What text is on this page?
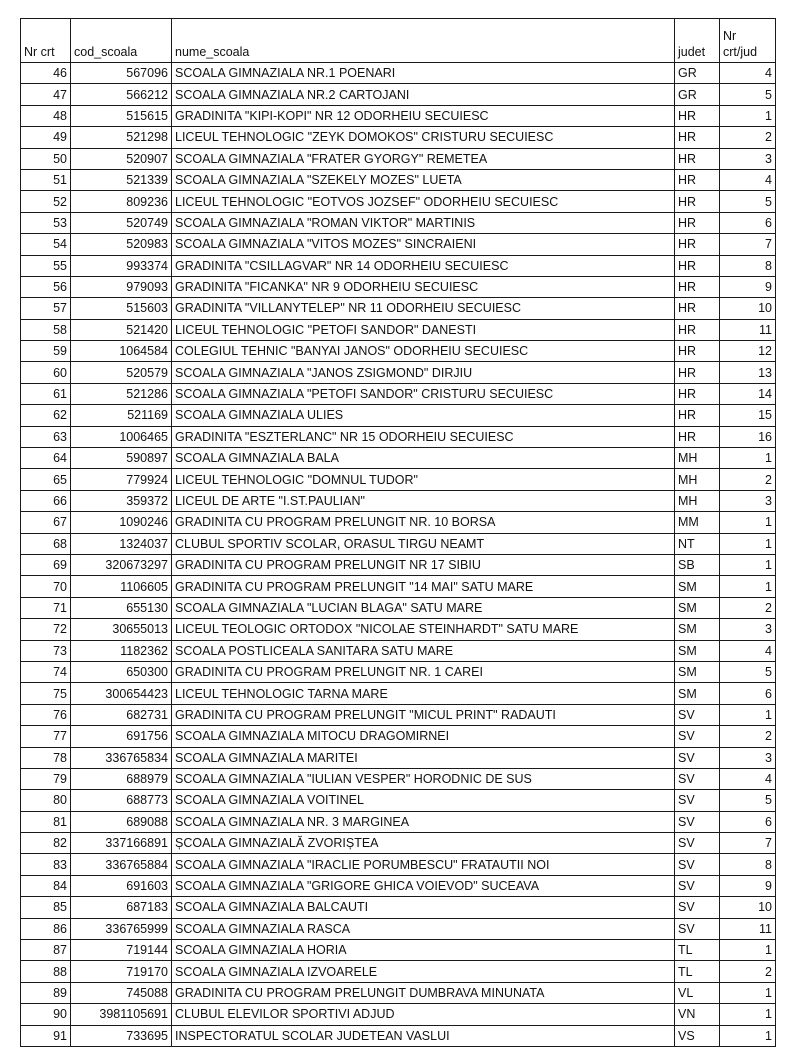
Nr crt	cod_scoala	nume_scoala	judet	Nr crt/jud
46	567096	SCOALA GIMNAZIALA NR.1 POENARI	GR	4
47	566212	SCOALA GIMNAZIALA NR.2 CARTOJANI	GR	5
48	515615	GRADINITA "KIPI-KOPI" NR 12 ODORHEIU SECUIESC	HR	1
49	521298	LICEUL TEHNOLOGIC "ZEYK DOMOKOS" CRISTURU SECUIESC	HR	2
50	520907	SCOALA GIMNAZIALA "FRATER GYORGY" REMETEA	HR	3
51	521339	SCOALA GIMNAZIALA "SZEKELY MOZES" LUETA	HR	4
52	809236	LICEUL TEHNOLOGIC "EOTVOS JOZSEF" ODORHEIU SECUIESC	HR	5
53	520749	SCOALA GIMNAZIALA "ROMAN VIKTOR" MARTINIS	HR	6
54	520983	SCOALA GIMNAZIALA "VITOS MOZES" SINCRAIENI	HR	7
55	993374	GRADINITA "CSILLAGVAR" NR 14 ODORHEIU SECUIESC	HR	8
56	979093	GRADINITA "FICANKA" NR 9 ODORHEIU SECUIESC	HR	9
57	515603	GRADINITA "VILLANYTELEP" NR 11 ODORHEIU SECUIESC	HR	10
58	521420	LICEUL TEHNOLOGIC "PETOFI SANDOR" DANESTI	HR	11
59	1064584	COLEGIUL TEHNIC "BANYAI JANOS" ODORHEIU SECUIESC	HR	12
60	520579	SCOALA GIMNAZIALA "JANOS ZSIGMOND" DIRJIU	HR	13
61	521286	SCOALA GIMNAZIALA "PETOFI SANDOR" CRISTURU SECUIESC	HR	14
62	521169	SCOALA GIMNAZIALA ULIES	HR	15
63	1006465	GRADINITA "ESZTERLANC" NR 15 ODORHEIU SECUIESC	HR	16
64	590897	SCOALA GIMNAZIALA BALA	MH	1
65	779924	LICEUL TEHNOLOGIC "DOMNUL TUDOR"	MH	2
66	359372	LICEUL DE ARTE "I.ST.PAULIAN"	MH	3
67	1090246	GRADINITA CU PROGRAM PRELUNGIT NR. 10 BORSA	MM	1
68	1324037	CLUBUL SPORTIV SCOLAR, ORASUL TIRGU NEAMT	NT	1
69	320673297	GRADINITA CU PROGRAM PRELUNGIT NR 17 SIBIU	SB	1
70	1106605	GRADINITA CU PROGRAM PRELUNGIT "14 MAI" SATU MARE	SM	1
71	655130	SCOALA GIMNAZIALA "LUCIAN BLAGA" SATU MARE	SM	2
72	30655013	LICEUL TEOLOGIC ORTODOX "NICOLAE STEINHARDT" SATU MARE	SM	3
73	1182362	SCOALA POSTLICEALA SANITARA SATU MARE	SM	4
74	650300	GRADINITA CU PROGRAM PRELUNGIT NR. 1 CAREI	SM	5
75	300654423	LICEUL TEHNOLOGIC TARNA MARE	SM	6
76	682731	GRADINITA CU PROGRAM PRELUNGIT "MICUL PRINT" RADAUTI	SV	1
77	691756	SCOALA GIMNAZIALA MITOCU DRAGOMIRNEI	SV	2
78	336765834	SCOALA GIMNAZIALA MARITEI	SV	3
79	688979	SCOALA GIMNAZIALA "IULIAN VESPER" HORODNIC DE SUS	SV	4
80	688773	SCOALA GIMNAZIALA VOITINEL	SV	5
81	689088	SCOALA GIMNAZIALA NR. 3 MARGINEA	SV	6
82	337166891	ȘCOALA GIMNAZIALĂ ZVORIȘTEA	SV	7
83	336765884	SCOALA GIMNAZIALA "IRACLIE PORUMBESCU" FRATAUTII NOI	SV	8
84	691603	SCOALA GIMNAZIALA "GRIGORE GHICA VOIEVOD" SUCEAVA	SV	9
85	687183	SCOALA GIMNAZIALA BALCAUTI	SV	10
86	336765999	SCOALA GIMNAZIALA RASCA	SV	11
87	719144	SCOALA GIMNAZIALA HORIA	TL	1
88	719170	SCOALA GIMNAZIALA IZVOARELE	TL	2
89	745088	GRADINITA CU PROGRAM PRELUNGIT DUMBRAVA MINUNATA	VL	1
90	3981105691	CLUBUL ELEVILOR SPORTIVI ADJUD	VN	1
91	733695	INSPECTORATUL SCOLAR JUDETEAN VASLUI	VS	1
